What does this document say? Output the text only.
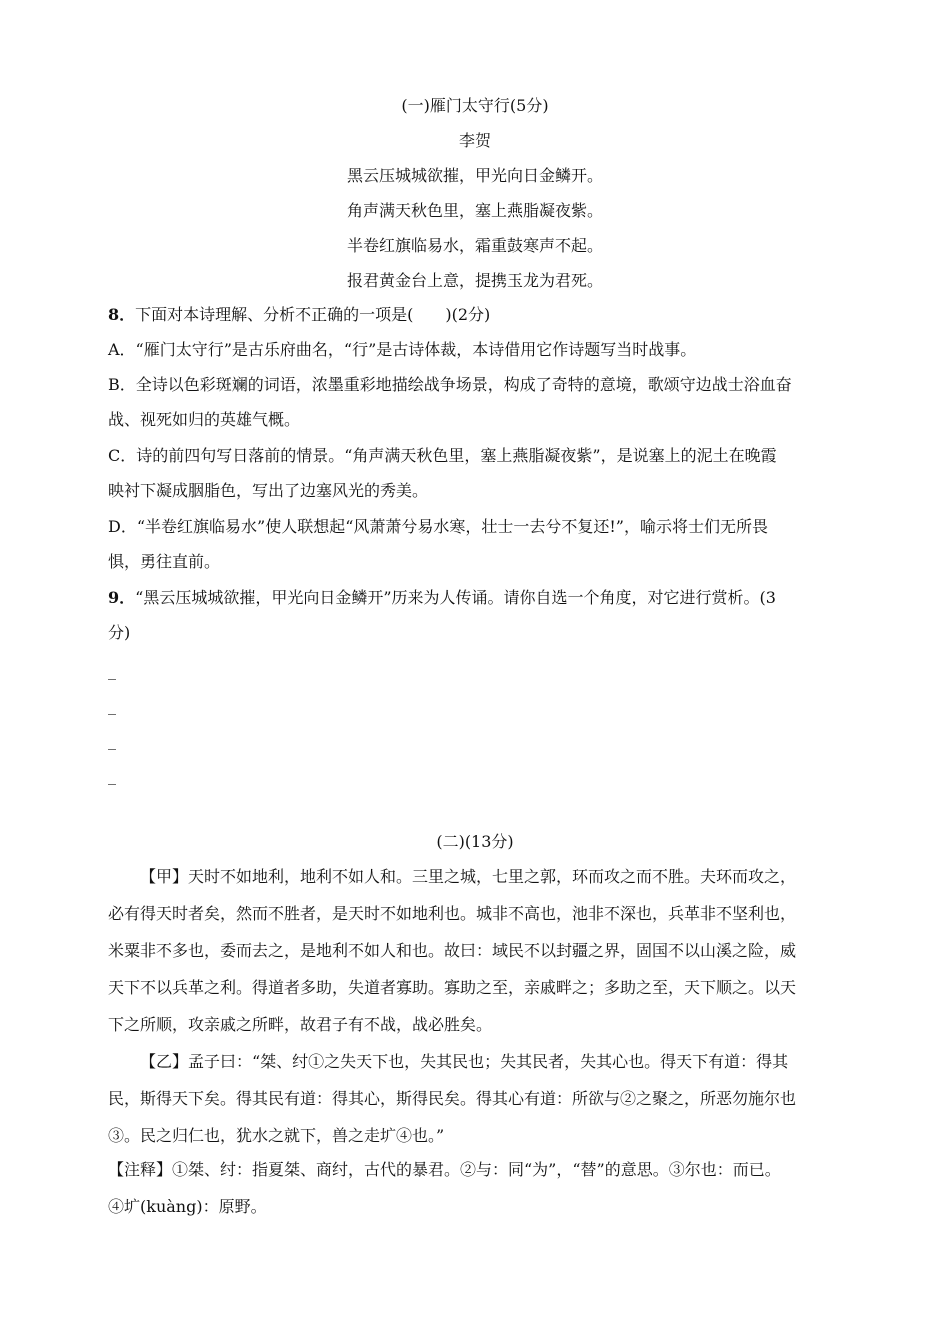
(一)雁门太守行(5分)
李贺
黑云压城城欲摧，甲光向日金鳞开。
角声满天秋色里，塞上燕脂凝夜紫。
半卷红旗临易水，霜重鼓寒声不起。
报君黄金台上意，提携玉龙为君死。
8．下面对本诗理解、分析不正确的一项是(　　)(2分)
A．“雁门太守行”是古乐府曲名，“行”是古诗体裁，本诗借用它作诗题写当时战事。
B．全诗以色彩斑斓的词语，浓墨重彩地描绘战争场景，构成了奇特的意境，歌颂守边战士浴血奋
战、视死如归的英雄气概。
C．诗的前四句写日落前的情景。“角声满天秋色里，塞上燕脂凝夜紫”，是说塞上的泥土在晚霞
映衬下凝成胭脂色，写出了边塞风光的秀美。
D．“半卷红旗临易水”使人联想起“风萧萧兮易水寒，壮士一去兮不复还!”，喻示将士们无所畏
惧，勇往直前。
9．“黑云压城城欲摧，甲光向日金鳞开”历来为人传诵。请你自选一个角度，对它进行赏析。(3
分)
_
_
_
_
(二)(13分)
【甲】天时不如地利，地利不如人和。三里之城，七里之郭，环而攻之而不胜。夫环而攻之，
必有得天时者矣，然而不胜者，是天时不如地利也。城非不高也，池非不深也，兵革非不坚利也，
米粟非不多也，委而去之，是地利不如人和也。故曰：域民不以封疆之界，固国不以山溪之险，威
天下不以兵革之利。得道者多助，失道者寡助。寡助之至，亲戚畔之；多助之至，天下顺之。以天
下之所顺，攻亲戚之所畔，故君子有不战，战必胜矣。
【乙】孟子曰：“桀、纣①之失天下也，失其民也；失其民者，失其心也。得天下有道：得其
民，斯得天下矣。得其民有道：得其心，斯得民矣。得其心有道：所欲与②之聚之，所恶勿施尔也
③。民之归仁也，犹水之就下，兽之走圹④也。”
【注释】①桀、纣：指夏桀、商纣，古代的暴君。②与：同“为”，“替”的意思。③尔也：而已。
④圹(kuàng)：原野。
